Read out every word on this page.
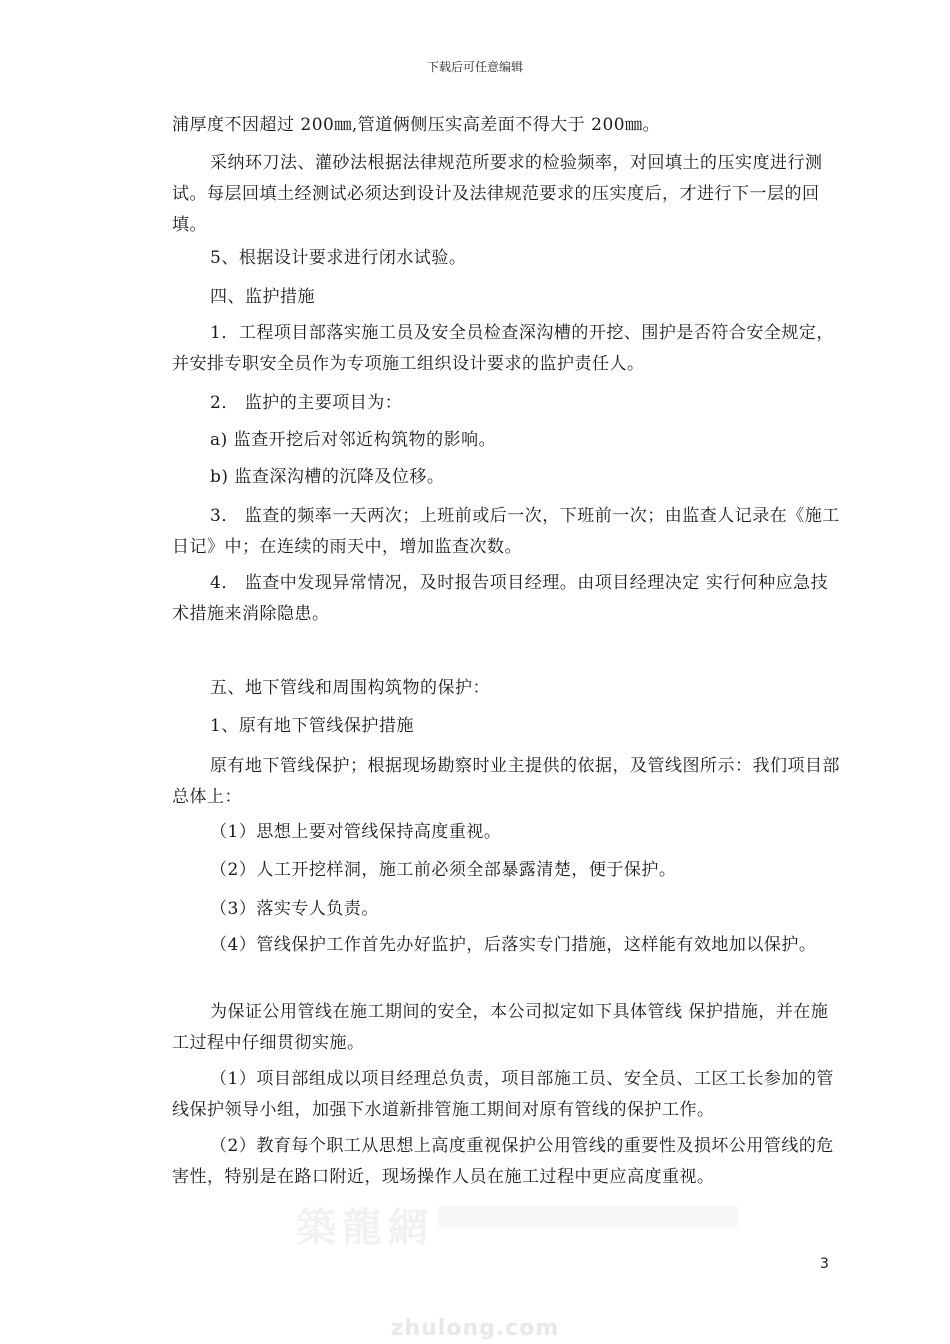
下载后可任意编辑

浦厚度不因超过 200㎜,管道俩侧压实高差面不得大于 200㎜。

采纳环刀法、灌砂法根据法律规范所要求的检验频率，对回填土的压实度进行测试。每层回填土经测试必须达到设计及法律规范要求的压实度后，才进行下一层的回填。

5、根据设计要求进行闭水试验。

四、监护措施

1．工程项目部落实施工员及安全员检查深沟槽的开挖、围护是否符合安全规定，并安排专职安全员作为专项施工组织设计要求的监护责任人。

2． 监护的主要项目为：

a) 监查开挖后对邻近构筑物的影响。

b) 监查深沟槽的沉降及位移。

3． 监查的频率一天两次；上班前或后一次，下班前一次；由监查人记录在《施工日记》中；在连续的雨天中，增加监查次数。

4． 监查中发现异常情况，及时报告项目经理。由项目经理决定 实行何种应急技术措施来消除隐患。

五、地下管线和周围构筑物的保护：

1、原有地下管线保护措施

原有地下管线保护；根据现场勘察时业主提供的依据，及管线图所示：我们项目部总体上：

（1）思想上要对管线保持高度重视。

（2）人工开挖样洞，施工前必须全部暴露清楚，便于保护。

（3）落实专人负责。

（4）管线保护工作首先办好监护，后落实专门措施，这样能有效地加以保护。

为保证公用管线在施工期间的安全，本公司拟定如下具体管线 保护措施，并在施工过程中仔细贯彻实施。

（1）项目部组成以项目经理总负责，项目部施工员、安全员、工区工长参加的管线保护领导小组，加强下水道新排管施工期间对原有管线的保护工作。

（2）教育每个职工从思想上高度重视保护公用管线的重要性及损坏公用管线的危害性，特别是在路口附近，现场操作人员在施工过程中更应高度重视。

築龍網
3
zhulong.com
